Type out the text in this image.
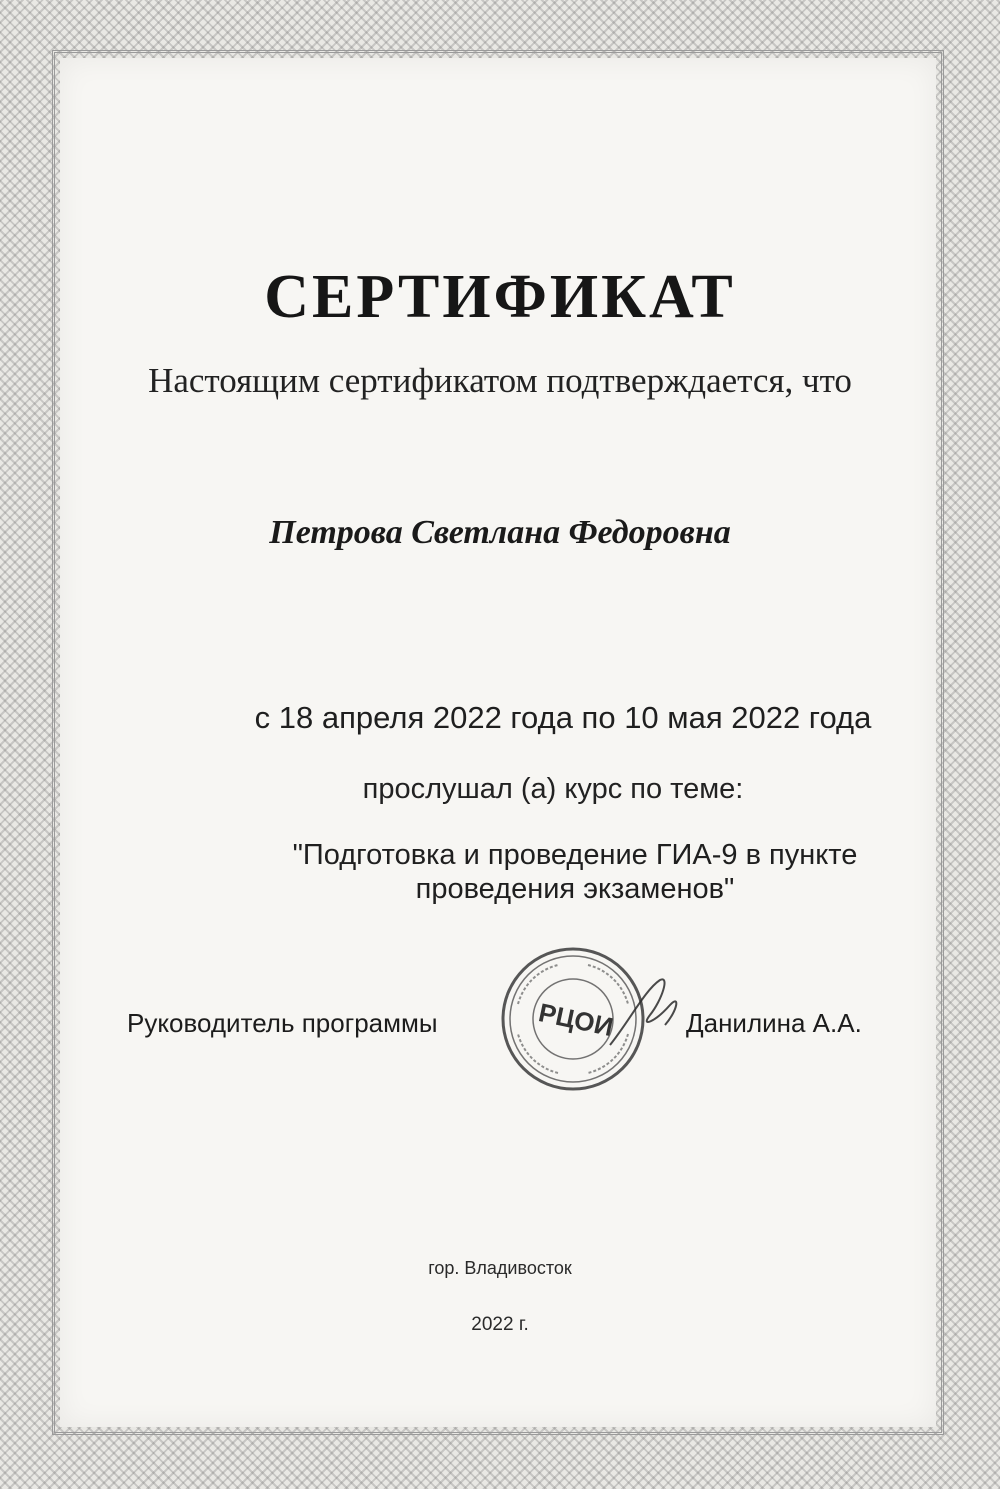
СЕРТИФИКАТ
Настоящим сертификатом подтверждается, что
Петрова Светлана Федоровна
с 18 апреля 2022 года по 10 мая 2022 года
прослушал (а) курс по теме:
"Подготовка и проведение ГИА-9 в пункте
проведения экзаменов"
Руководитель программы	РЦОИ	Данилина А.А.
гор. Владивосток
2022 г.
